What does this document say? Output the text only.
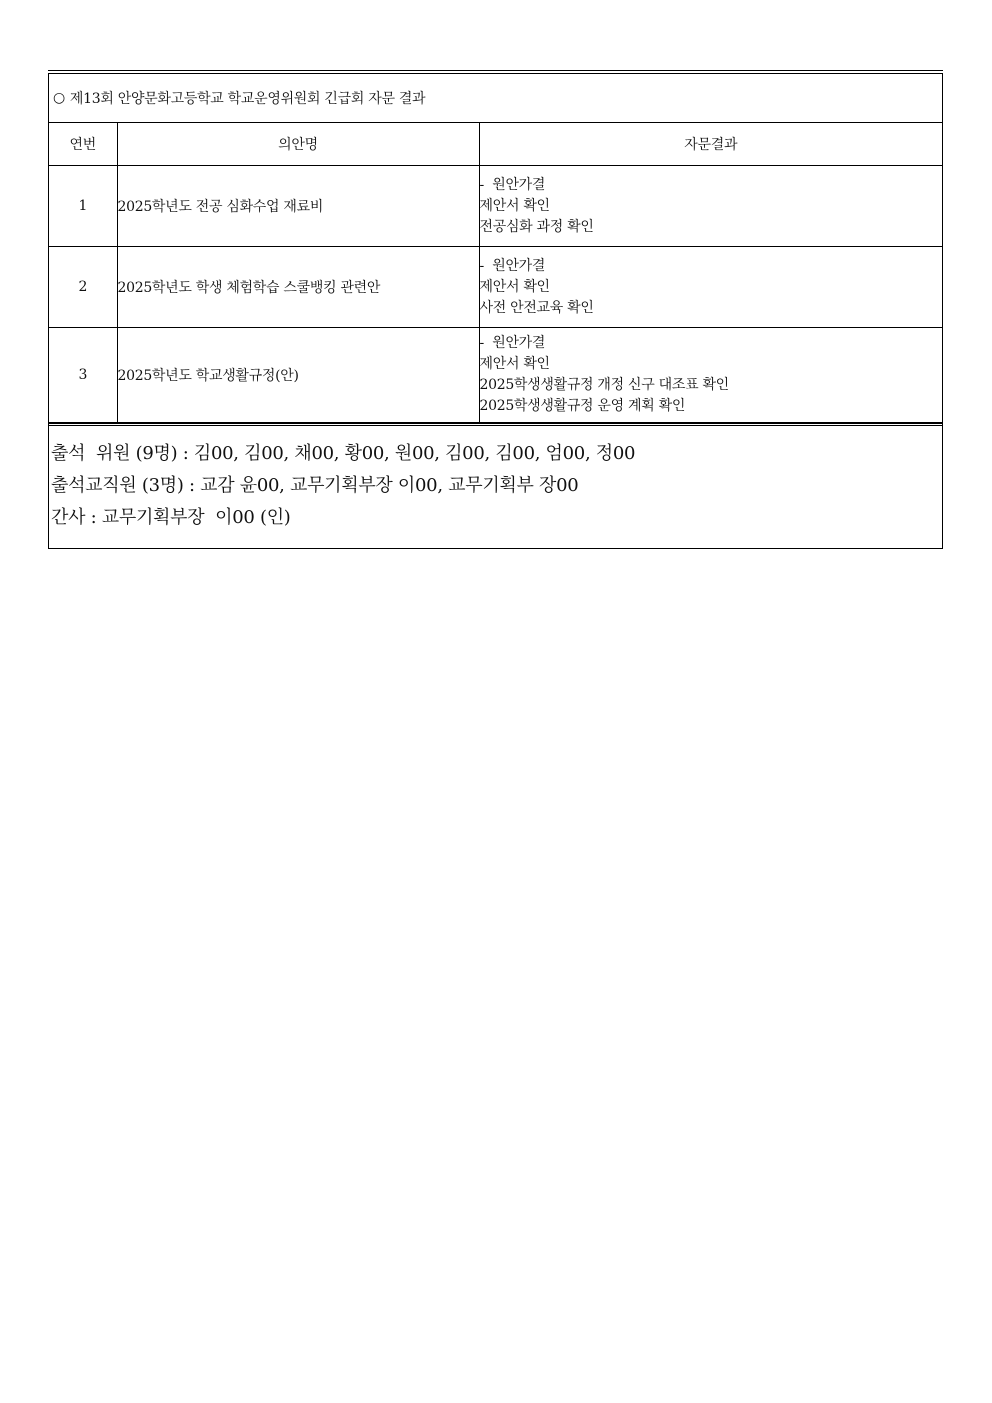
○ 제13회 안양문화고등학교 학교운영위원회 긴급회 자문 결과
연번	의안명	자문결과
1	2025학년도 전공 심화수업 재료비	-  원안가결
제안서 확인
전공심화 과정 확인

2	2025학년도 학생 체험학습 스쿨뱅킹 관련안	-  원안가결
제안서 확인
사전 안전교육 확인

3	2025학년도 학교생활규정(안)	-  원안가결
제안서 확인
2025학생생활규정 개정 신구 대조표 확인
2025학생생활규정 운영 계획 확인
출석  위원 (9명) : 김00, 김00, 채00, 황00, 원00, 김00, 김00, 엄00, 정00
출석교직원 (3명) : 교감 윤00, 교무기획부장 이00, 교무기획부 장00
간사 : 교무기획부장  이00 (인)
